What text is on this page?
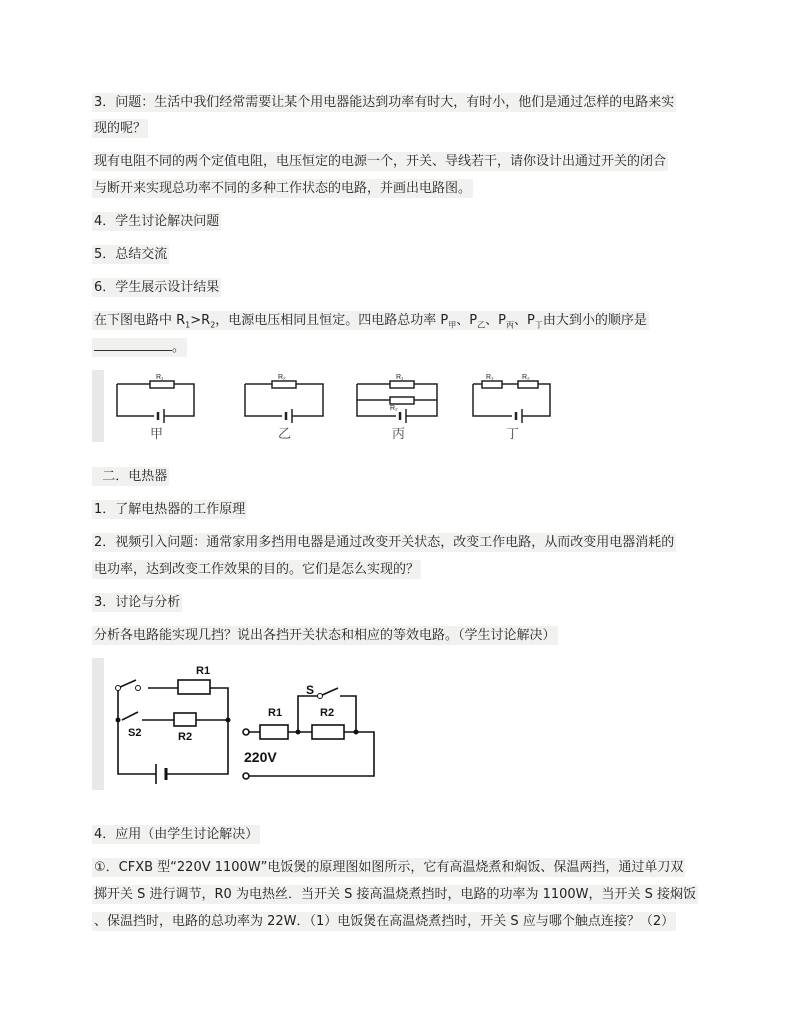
3．问题：生活中我们经常需要让某个用电器能达到功率有时大，有时小，他们是通过怎样的电路来实
现的呢？
现有电阻不同的两个定值电阻，电压恒定的电源一个，开关、导线若干，请你设计出通过开关的闭合
与断开来实现总功率不同的多种工作状态的电路，并画出电路图。
4．学生讨论解决问题
5．总结交流
6．学生展示设计结果
在下图电路中 $R_1>R_2$，电源电压相同且恒定。四电路总功率 $P_甲$、$P_乙$、$P_丙$、$P_丁$由大到小的顺序是
。
R₁
甲
R₂
乙
R₁
R₂
丙
R₁	R₂
丁
二．电热器
1．了解电热器的工作原理
2．视频引入问题：通常家用多挡用电器是通过改变开关状态，改变工作电路，从而改变用电器消耗的
电功率，达到改变工作效果的目的。它们是怎么实现的？
3．讨论与分析
分析各电路能实现几挡？说出各挡开关状态和相应的等效电路。（学生讨论解决）
R1
R2
S2
S
R1	R2
220V
4．应用（由学生讨论解决）
①．CFXB 型“220V 1100W”电饭煲的原理图如图所示，它有高温烧煮和焖饭、保温两挡，通过单刀双
掷开关 S 进行调节，R0 为电热丝．当开关 S 接高温烧煮挡时，电路的功率为 1100W，当开关 S 接焖饭
、保温挡时，电路的总功率为 22W．（1）电饭煲在高温烧煮挡时，开关 S 应与哪个触点连接？（2）
